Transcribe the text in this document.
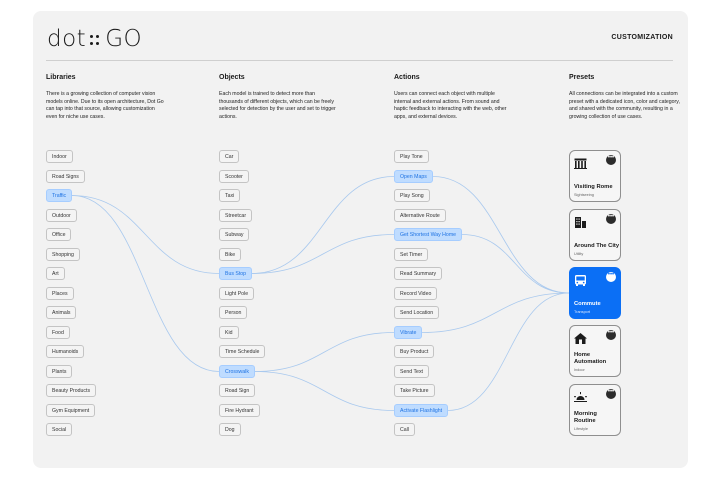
dot GO	CUSTOMIZATION
Libraries	Objects	Actions	Presets
There is a growing collection of computer vision models online. Due to its open architecture, Dot Go can tap into that source, allowing customization even for niche use cases.
Each model is trained to detect more than thousands of different objects, which can be freely selected for detection by the user and set to trigger actions.
Users can connect each object with multiple internal and external actions. From sound and haptic feedback to interacting with the web, other apps, and external devices.
All connections can be integrated into a custom preset with a dedicated icon, color and category, and shared with the community, resulting in a growing collection of use cases.
Indoor
Road Signs
Traffic
Outdoor
Office
Shopping
Art
Places
Animals
Food
Humanoids
Plants
Beauty Products
Gym Equipment
Social
Car
Scooter
Taxi
Streetcar
Subway
Bike
Bus Stop
Light Pole
Person
Kid
Time Schedule
Crosswalk
Road Sign
Fire Hydrant
Dog
Play Tone
Open Maps
Play Song
Alternative Route
Get Shortest Way Home
Set Timer
Read Summary
Record Video
Send Location
Vibrate
Buy Product
Send Text
Take Picture
Activate Flashlight
Call
•••
Visiting Rome
Sightseeing
•••
Around The City
Utility
•••
Commute
Transport
•••
Home Automation
Indoor
•••
Morning Routine
Lifestyle
